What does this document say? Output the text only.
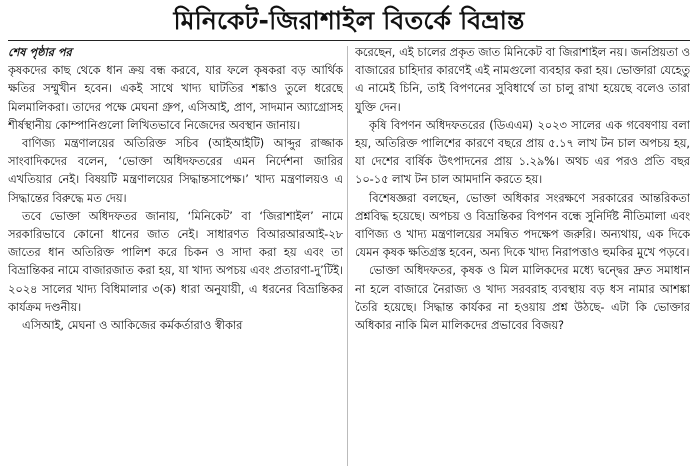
মিনিকেট-জিরাশাইল বিতর্কে বিভ্রান্ত
শেষ পৃষ্ঠার পর

কৃষকদের কাছ থেকে ধান ক্রয় বন্ধ করবে, যার ফলে কৃষকরা বড় আর্থিক ক্ষতির সম্মুখীন হবেন। একই সাথে খাদ্য ঘাটতির শঙ্কাও তুলে ধরেছে মিলমালিকরা। তাদের পক্ষে মেঘনা গ্রুপ, এসিআই, প্রাণ, সাদমান অ্যাগ্রোসহ শীর্ষস্থানীয় কোম্পানিগুলো লিখিতভাবে নিজেদের অবস্থান জানায়।

বাণিজ্য মন্ত্রণালয়ের অতিরিক্ত সচিব (আইআইটি) আব্দুর রাজ্জাক সাংবাদিকদের বলেন, ‘ভোক্তা অধিদফতরের এমন নির্দেশনা জারির এখতিয়ার নেই। বিষয়টি মন্ত্রণালয়ের সিদ্ধান্তসাপেক্ষ।’ খাদ্য মন্ত্রণালয়ও এ সিদ্ধান্তের বিরুদ্ধে মত দেয়।

তবে ভোক্তা অধিদফতর জানায়, ‘মিনিকেট’ বা ‘জিরাশাইল’ নামে সরকারিভাবে কোনো ধানের জাত নেই। সাধারণত বিআরআরআই-২৮ জাতের ধান অতিরিক্ত পালিশ করে চিকন ও সাদা করা হয় এবং তা বিভ্রান্তিকর নামে বাজারজাত করা হয়, যা খাদ্য অপচয় এবং প্রতারণা-দু’টিই। ২০২৪ সালের খাদ্য বিধিমালার ৩(ক) ধারা অনুযায়ী, এ ধরনের বিভ্রান্তিকর কার্যক্রম দণ্ডনীয়।

এসিআই, মেঘনা ও আকিজের কর্মকর্তারাও স্বীকার

করেছেন, এই চালের প্রকৃত জাত মিনিকেট বা জিরাশাইল নয়। জনপ্রিয়তা ও বাজারের চাহিদার কারণেই এই নামগুলো ব্যবহার করা হয়। ভোক্তারা যেহেতু এ নামেই চিনি, তাই বিপণনের সুবিধার্থে তা চালু রাখা হয়েছে বলেও তারা যুক্তি দেন।

কৃষি বিপণন অধিদফতরের (ডিএএম) ২০২৩ সালের এক গবেষণায় বলা হয়, অতিরিক্ত পালিশের কারণে বছরে প্রায় ৫.১৭ লাখ টন চাল অপচয় হয়, যা দেশের বার্ষিক উৎপাদনের প্রায় ১.২৯%। অথচ এর পরও প্রতি বছর ১০-১৫ লাখ টন চাল আমদানি করতে হয়।

বিশেষজ্ঞরা বলছেন, ভোক্তা অধিকার সংরক্ষণে সরকারের আন্তরিকতা প্রশ্নবিদ্ধ হয়েছে। অপচয় ও বিভ্রান্তিকর বিপণন বন্ধে সুনির্দিষ্ট নীতিমালা এবং বাণিজ্য ও খাদ্য মন্ত্রণালয়ের সমন্বিত পদক্ষেপ জরুরি। অন্যথায়, এক দিকে যেমন কৃষক ক্ষতিগ্রস্ত হবেন, অন্য দিকে খাদ্য নিরাপত্তাও হুমকির মুখে পড়বে।

ভোক্তা অধিদফতর, কৃষক ও মিল মালিকদের মধ্যে দ্বন্দ্বের দ্রুত সমাধান না হলে বাজারে নৈরাজ্য ও খাদ্য সরবরাহ ব্যবস্থায় বড় ধস নামার আশঙ্কা তৈরি হয়েছে। সিদ্ধান্ত কার্যকর না হওয়ায় প্রশ্ন উঠছে- এটা কি ভোক্তার অধিকার নাকি মিল মালিকদের প্রভাবের বিজয়?
